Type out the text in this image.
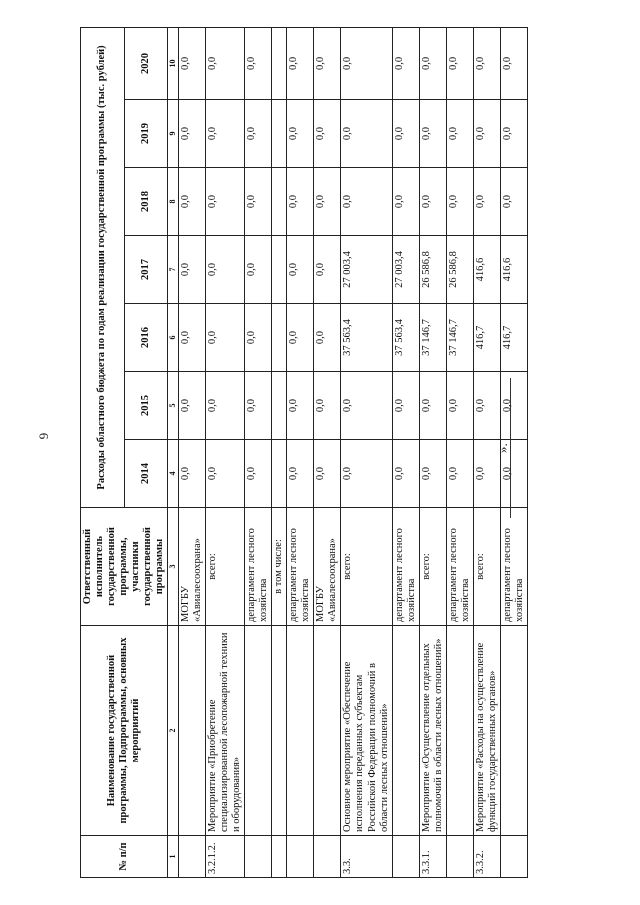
6
№ п/п	Наименование государственной программы, Подпрограммы, основных мероприятий	Ответственный исполнитель государственной программы, участники государственной программы	Расходы областного бюджета по годам реализации государственной программы (тыс. рублей)						
			2014	2015	2016	2017	2018	2019	2020
1	2	3	4	5	6	7	8	9	10
		МОГБУ «Авиалесоохрана»	0,0	0,0	0,0	0,0	0,0	0,0	0,0
3.2.1.2.	Мероприятие «Приобретение специализированной лесопожарной техники и оборудования»	всего:	0,0	0,0	0,0	0,0	0,0	0,0	0,0
		департамент лесного хозяйства	0,0	0,0	0,0	0,0	0,0	0,0	0,0
		в том числе:							
		департамент лесного хозяйства	0,0	0,0	0,0	0,0	0,0	0,0	0,0
		МОГБУ «Авиалесоохрана»	0,0	0,0	0,0	0,0	0,0	0,0	0,0
3.3.	Основное мероприятие «Обеспечение исполнения переданных субъектам Российской Федерации полномочий в области лесных отношений»	всего:	0,0	0,0	37 563,4	27 003,4	0,0	0,0	0,0
		департамент лесного хозяйства	0,0	0,0	37 563,4	27 003,4	0,0	0,0	0,0
3.3.1.	Мероприятие «Осуществление отдельных полномочий в области лесных отношений»	всего:	0,0	0,0	37 146,7	26 586,8	0,0	0,0	0,0
		департамент лесного хозяйства	0,0	0,0	37 146,7	26 586,8	0,0	0,0	0,0
3.3.2.	Мероприятие «Расходы на осуществление функций государственных органов»	всего:	0,0	0,0	416,7	416,6	0,0	0,0	0,0
		департамент лесного хозяйства	0,0	0,0	416,7	416,6	0,0	0,0	0,0
».
